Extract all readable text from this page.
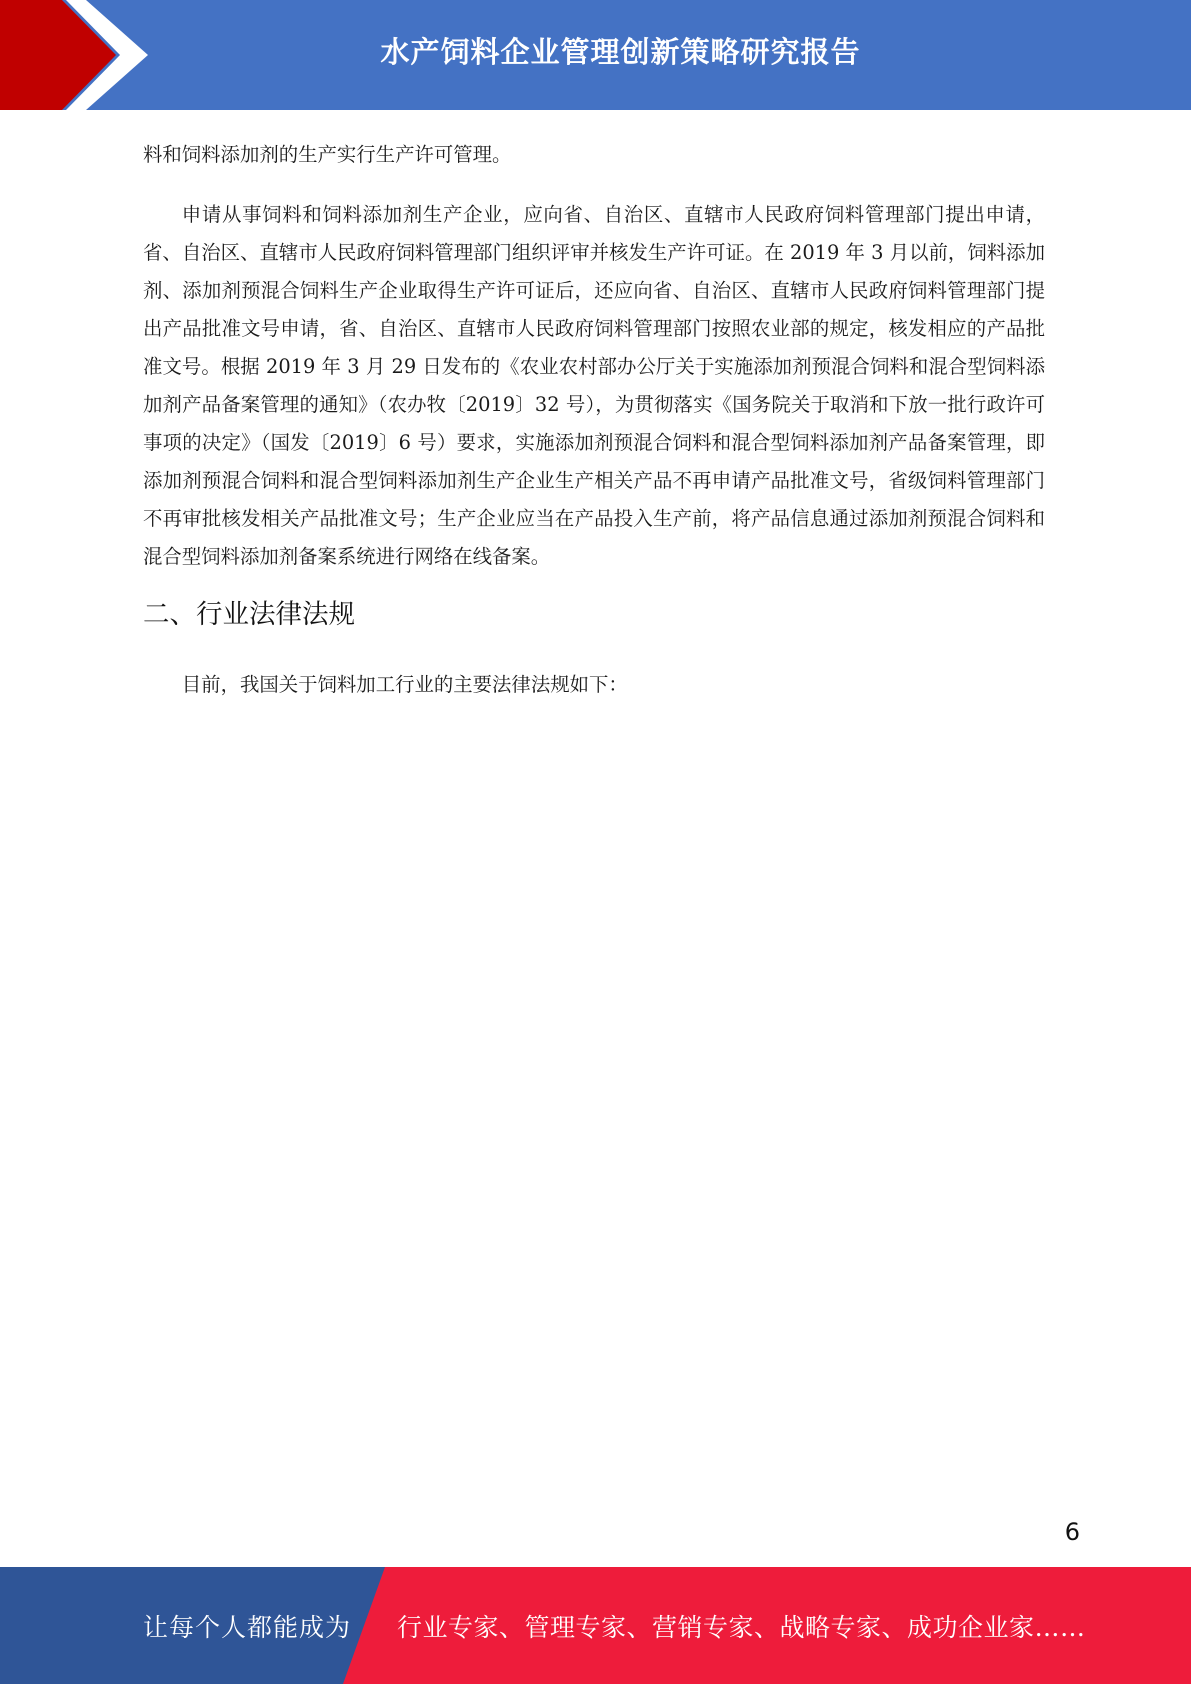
水产饲料企业管理创新策略研究报告

料和饲料添加剂的生产实行生产许可管理。

申请从事饲料和饲料添加剂生产企业，应向省、自治区、直辖市人民政府饲料管理部门提出申请，省、自治区、直辖市人民政府饲料管理部门组织评审并核发生产许可证。在 2019 年 3 月以前，饲料添加剂、添加剂预混合饲料生产企业取得生产许可证后，还应向省、自治区、直辖市人民政府饲料管理部门提出产品批准文号申请，省、自治区、直辖市人民政府饲料管理部门按照农业部的规定，核发相应的产品批准文号。根据 2019 年 3 月 29 日发布的《农业农村部办公厅关于实施添加剂预混合饲料和混合型饲料添加剂产品备案管理的通知》（农办牧〔2019〕32 号），为贯彻落实《国务院关于取消和下放一批行政许可事项的决定》（国发〔2019〕6 号）要求，实施添加剂预混合饲料和混合型饲料添加剂产品备案管理，即添加剂预混合饲料和混合型饲料添加剂生产企业生产相关产品不再申请产品批准文号，省级饲料管理部门不再审批核发相关产品批准文号；生产企业应当在产品投入生产前，将产品信息通过添加剂预混合饲料和混合型饲料添加剂备案系统进行网络在线备案。

二、行业法律法规

目前，我国关于饲料加工行业的主要法律法规如下：

6
让每个人都能成为 行业专家、管理专家、营销专家、战略专家、成功企业家……
